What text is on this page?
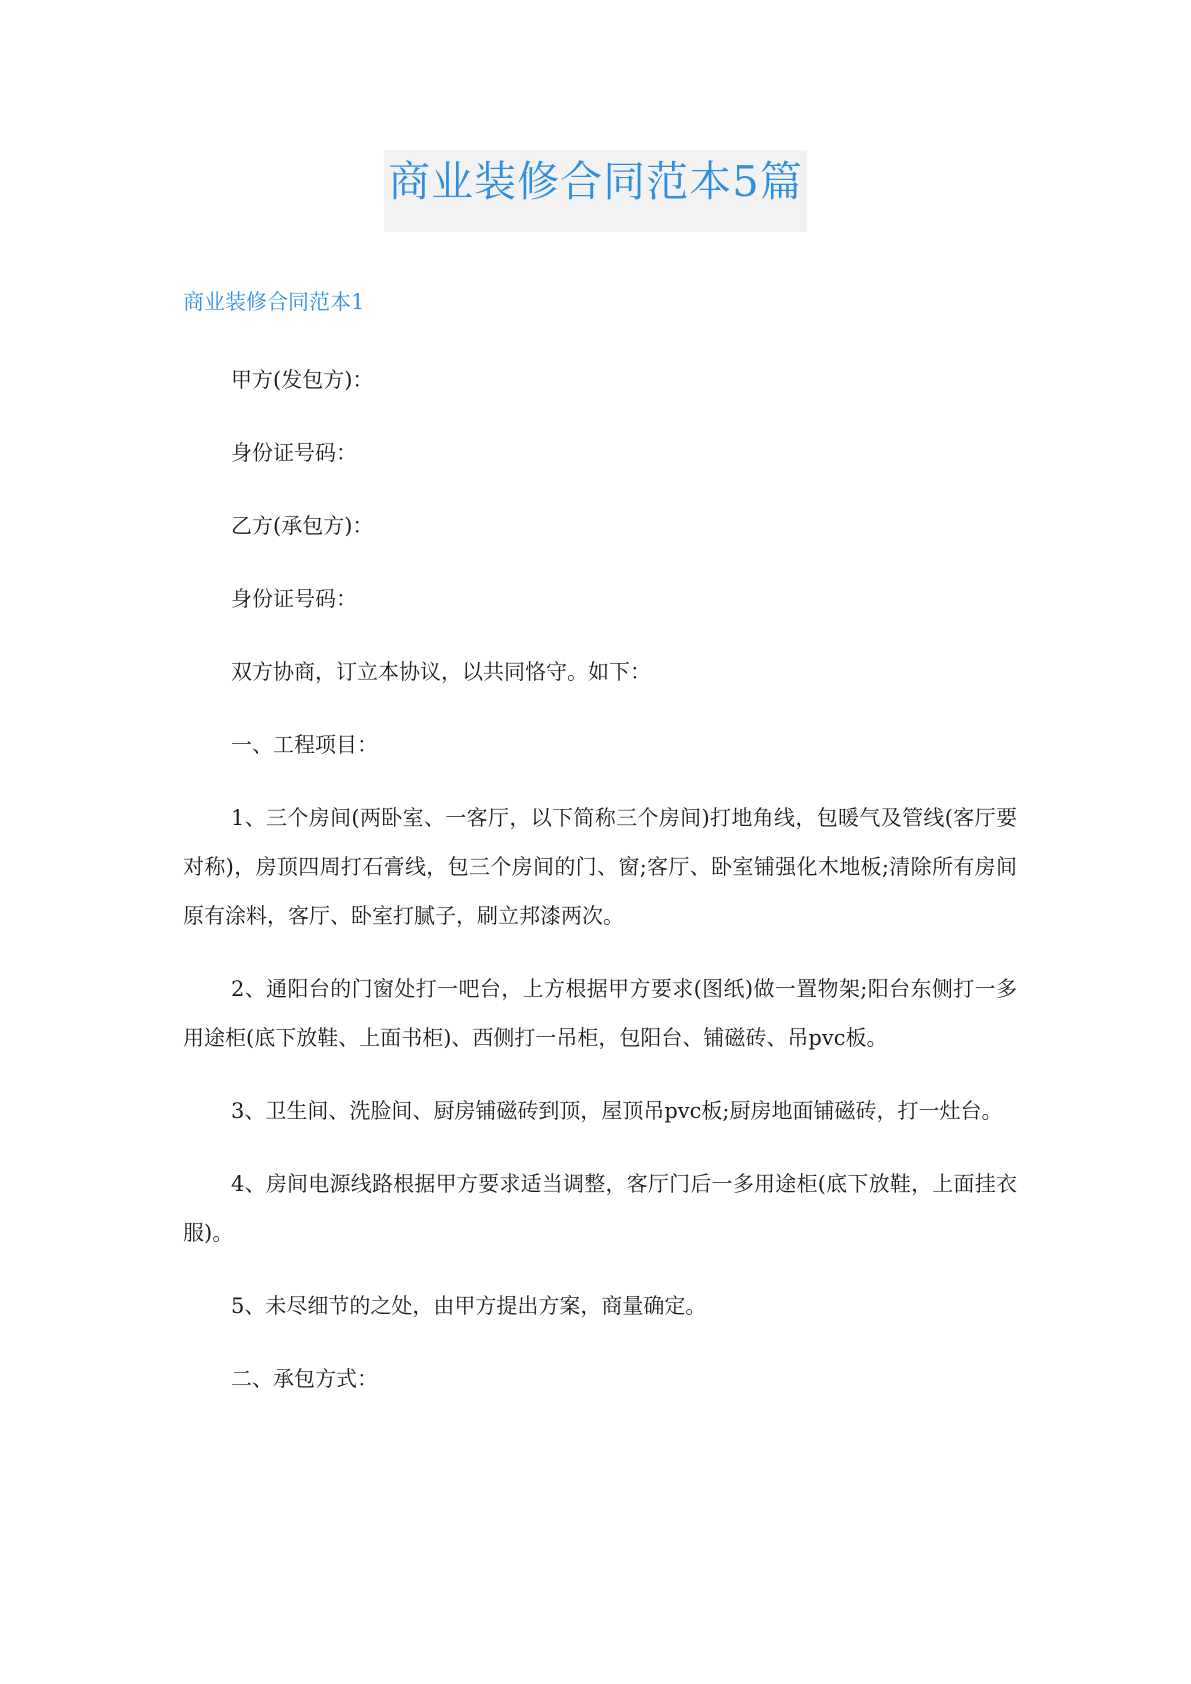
商业装修合同范本5篇
商业装修合同范本1

甲方(发包方)：

身份证号码：

乙方(承包方)：

身份证号码：

双方协商，订立本协议，以共同恪守。如下：

一、工程项目：

1、三个房间(两卧室、一客厅，以下简称三个房间)打地角线，包暖气及管线(客厅要对称)，房顶四周打石膏线，包三个房间的门、窗;客厅、卧室铺强化木地板;清除所有房间原有涂料，客厅、卧室打腻子，刷立邦漆两次。

2、通阳台的门窗处打一吧台，上方根据甲方要求(图纸)做一置物架;阳台东侧打一多用途柜(底下放鞋、上面书柜)、西侧打一吊柜，包阳台、铺磁砖、吊pvc板。

3、卫生间、洗脸间、厨房铺磁砖到顶，屋顶吊pvc板;厨房地面铺磁砖，打一灶台。

4、房间电源线路根据甲方要求适当调整，客厅门后一多用途柜(底下放鞋，上面挂衣服)。

5、未尽细节的之处，由甲方提出方案，商量确定。

二、承包方式：
